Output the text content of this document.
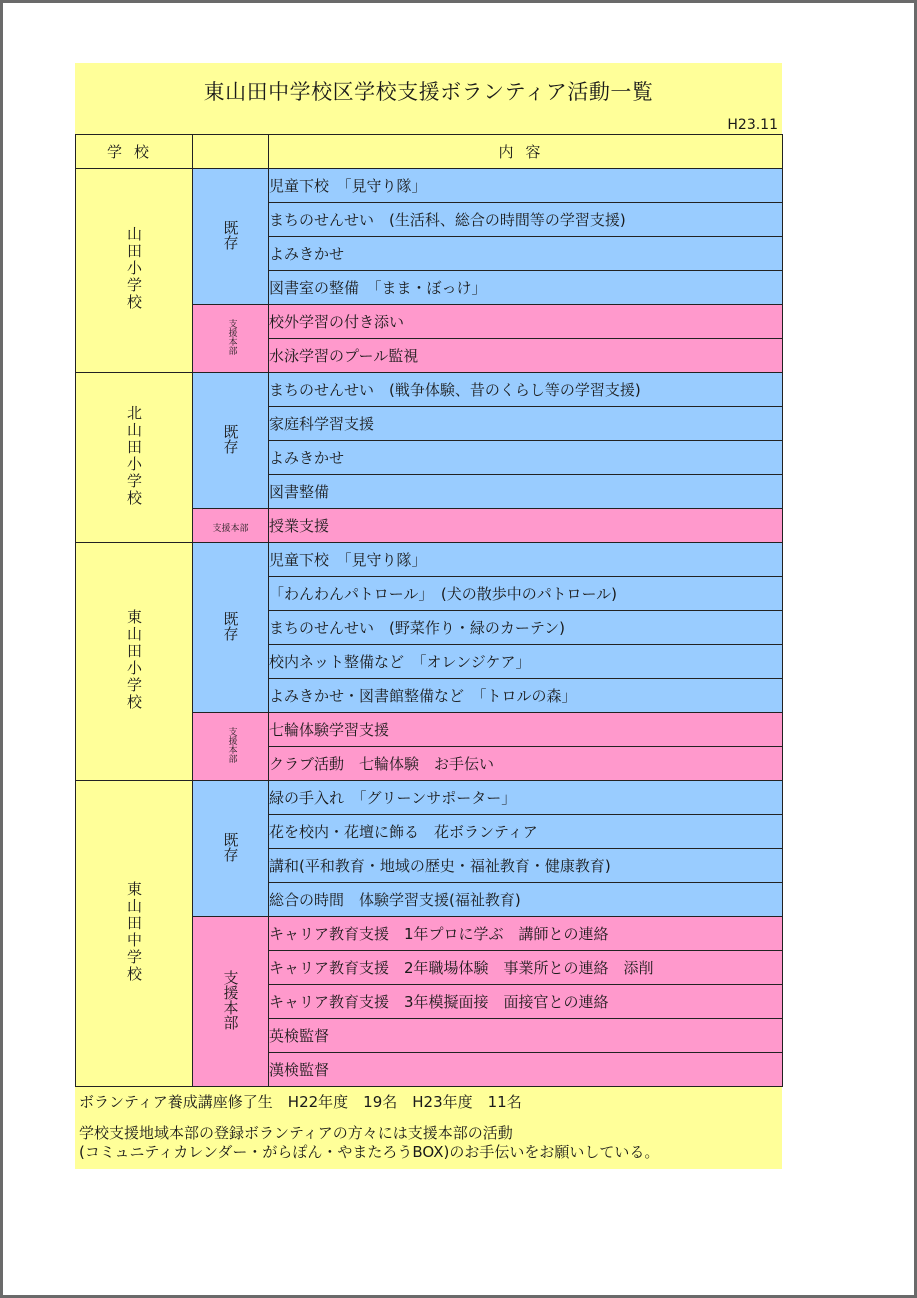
東山田中学校区学校支援ボランティア活動一覧
H23.11
学校		内容
山田小学校	既存	児童下校　「見守り隊」
		まちのせんせい　(生活科、総合の時間等の学習支援)
		よみきかせ
		図書室の整備　「まま・ぼっけ」
	支援本部	校外学習の付き添い
		水泳学習のプール監視
北山田小学校	既存	まちのせんせい　(戦争体験、昔のくらし等の学習支援)
		家庭科学習支援
		よみきかせ
		図書整備
	支援本部	授業支援
東山田小学校	既存	児童下校　「見守り隊」
		「わんわんパトロール」　(犬の散歩中のパトロール)
		まちのせんせい　(野菜作り・緑のカーテン)
		校内ネット整備など　「オレンジケア」
		よみきかせ・図書館整備など　「トロルの森」
	支援本部	七輪体験学習支援
		クラブ活動　七輪体験　お手伝い
東山田中学校	既存	緑の手入れ　「グリーンサポーター」
		花を校内・花壇に飾る　花ボランティア
		講和(平和教育・地域の歴史・福祉教育・健康教育)
		総合の時間　体験学習支援(福祉教育)
	支援本部	キャリア教育支援　1年プロに学ぶ　講師との連絡
		キャリア教育支援　2年職場体験　事業所との連絡　添削
		キャリア教育支援　3年模擬面接　面接官との連絡
		英検監督
		漢検監督

ボランティア養成講座修了生　H22年度　19名　H23年度　11名

学校支援地域本部の登録ボランティアの方々には支援本部の活動

(コミュニティカレンダー・がらぽん・やまたろうBOX)のお手伝いをお願いしている。
